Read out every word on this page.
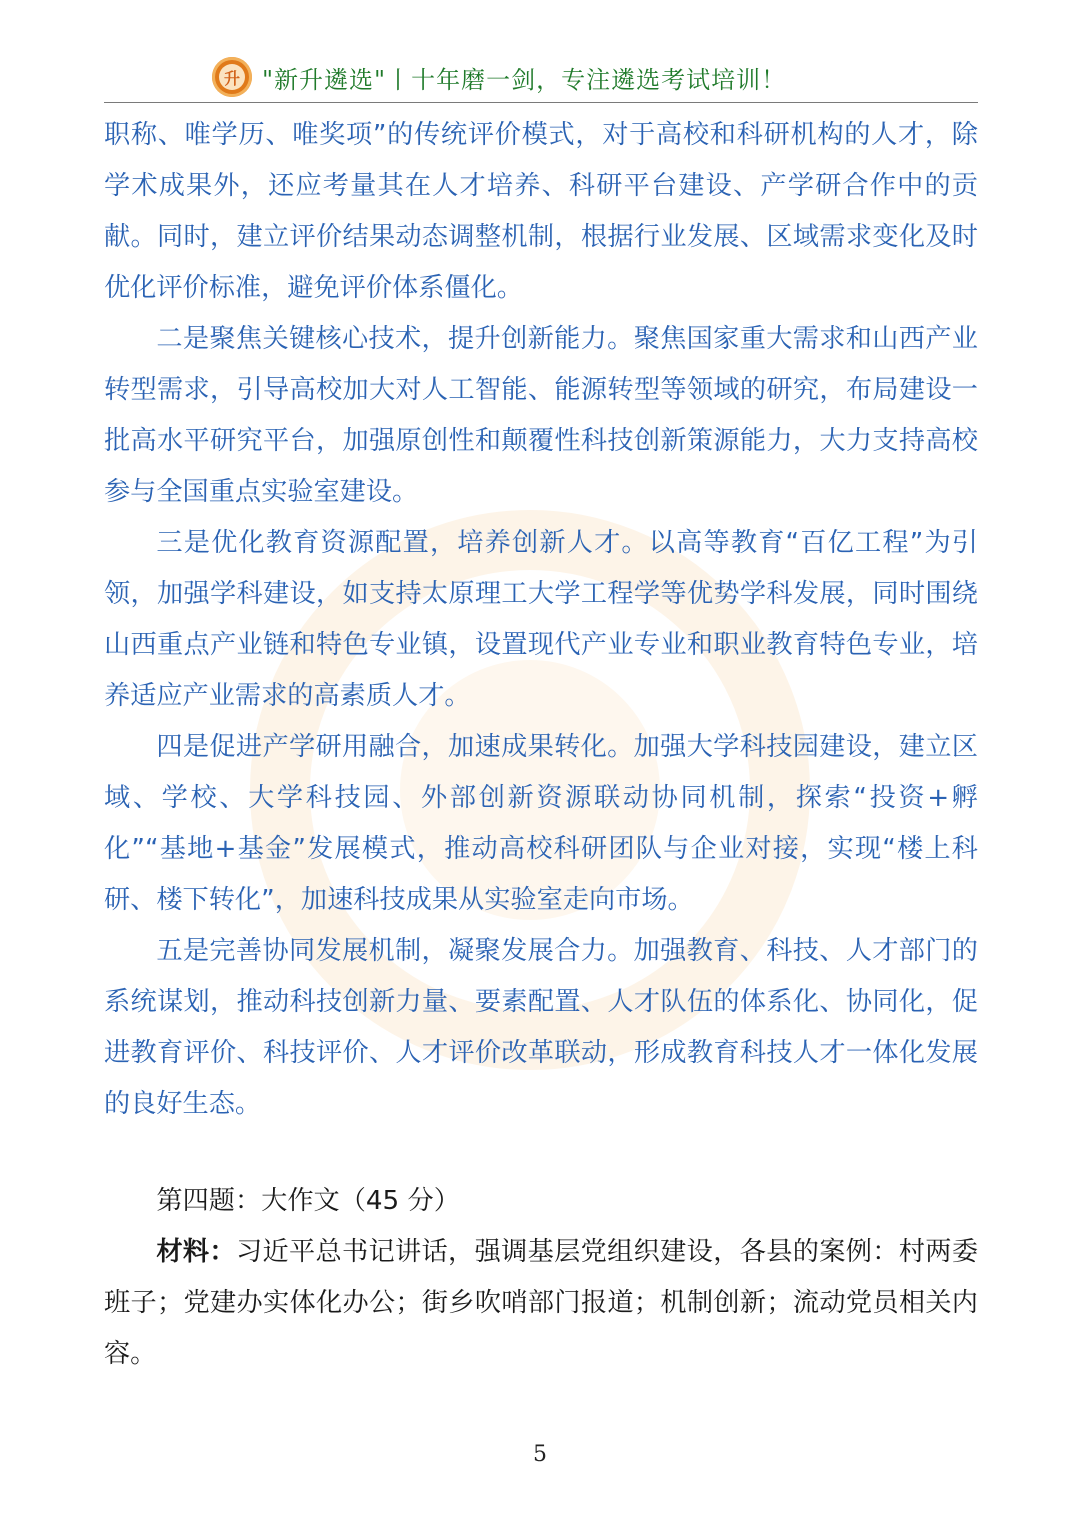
升 "新升遴选"丨十年磨一剑，专注遴选考试培训！

职称、唯学历、唯奖项”的传统评价模式，对于高校和科研机构的人才，除学术成果外，还应考量其在人才培养、科研平台建设、产学研合作中的贡献。同时，建立评价结果动态调整机制，根据行业发展、区域需求变化及时优化评价标准，避免评价体系僵化。

二是聚焦关键核心技术，提升创新能力。聚焦国家重大需求和山西产业转型需求，引导高校加大对人工智能、能源转型等领域的研究，布局建设一批高水平研究平台，加强原创性和颠覆性科技创新策源能力，大力支持高校参与全国重点实验室建设。

三是优化教育资源配置，培养创新人才。以高等教育“百亿工程”为引领，加强学科建设，如支持太原理工大学工程学等优势学科发展，同时围绕山西重点产业链和特色专业镇，设置现代产业专业和职业教育特色专业，培养适应产业需求的高素质人才。

四是促进产学研用融合，加速成果转化。加强大学科技园建设，建立区域、学校、大学科技园、外部创新资源联动协同机制，探索“投资+孵化”“基地+基金”发展模式，推动高校科研团队与企业对接，实现“楼上科研、楼下转化”，加速科技成果从实验室走向市场。

五是完善协同发展机制，凝聚发展合力。加强教育、科技、人才部门的系统谋划，推动科技创新力量、要素配置、人才队伍的体系化、协同化，促进教育评价、科技评价、人才评价改革联动，形成教育科技人才一体化发展的良好生态。

第四题：大作文（45 分）

材料：习近平总书记讲话，强调基层党组织建设，各县的案例：村两委班子；党建办实体化办公；街乡吹哨部门报道；机制创新；流动党员相关内容。

5
